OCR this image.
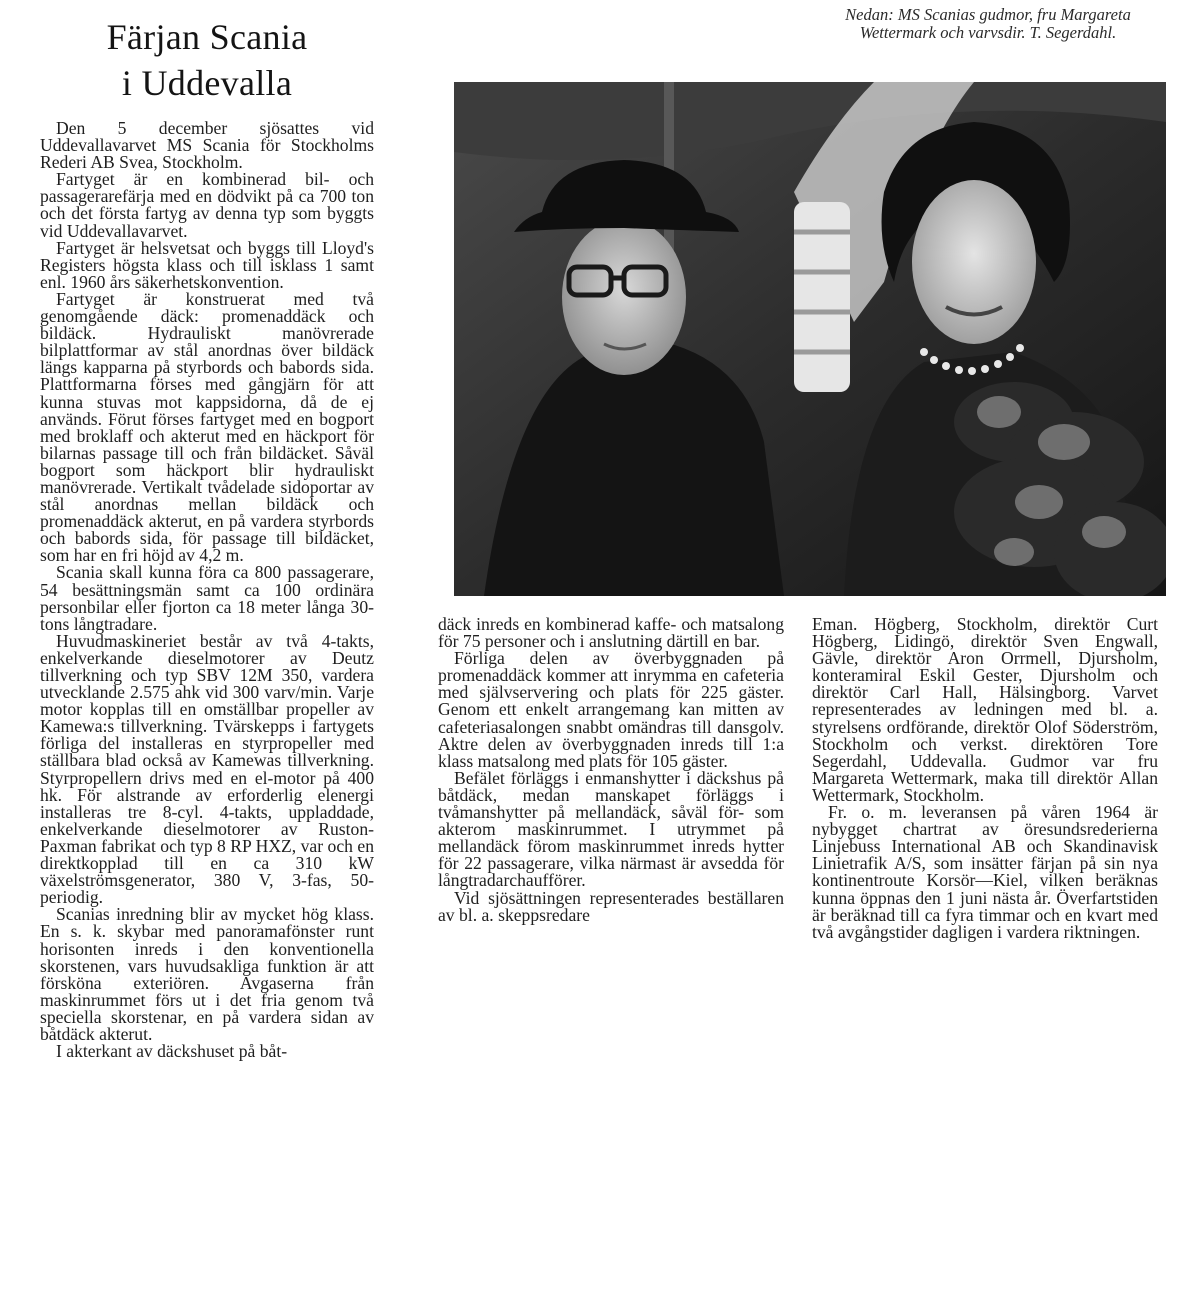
Färjan Scania
i Uddevalla

Den 5 december sjösattes vid Uddevallavarvet MS Scania för Stockholms Rederi AB Svea, Stockholm.

Fartyget är en kombinerad bil- och passagerarefärja med en dödvikt på ca 700 ton och det första fartyg av denna typ som byggts vid Uddevallavarvet.

Fartyget är helsvetsat och byggs till Lloyd's Registers högsta klass och till isklass 1 samt enl. 1960 års säkerhetskonvention.

Fartyget är konstruerat med två genomgående däck: promenaddäck och bildäck. Hydrauliskt manövrerade bilplattformar av stål anordnas över bildäck längs kapparna på styrbords och babords sida. Plattformarna förses med gångjärn för att kunna stuvas mot kappsidorna, då de ej används. Förut förses fartyget med en bogport med broklaff och akterut med en häckport för bilarnas passage till och från bildäcket. Såväl bogport som häckport blir hydrauliskt manövrerade. Vertikalt tvådelade sidoportar av stål anordnas mellan bildäck och promenaddäck akterut, en på vardera styrbords och babords sida, för passage till bildäcket, som har en fri höjd av 4,2 m.

Scania skall kunna föra ca 800 passagerare, 54 besättningsmän samt ca 100 ordinära personbilar eller fjorton ca 18 meter långa 30-tons långtradare.

Huvudmaskineriet består av två 4-takts, enkelverkande dieselmotorer av Deutz tillverkning och typ SBV 12M 350, vardera utvecklande 2.575 ahk vid 300 varv/min. Varje motor kopplas till en omställbar propeller av Kamewa:s tillverkning. Tvärskepps i fartygets förliga del installeras en styrpropeller med ställbara blad också av Kamewas tillverkning. Styrpropellern drivs med en el-motor på 400 hk. För alstrande av erforderlig elenergi installeras tre 8-cyl. 4-takts, uppladdade, enkelverkande dieselmotorer av Ruston-Paxman fabrikat och typ 8 RP HXZ, var och en direktkopplad till en ca 310 kW växelströmsgenerator, 380 V, 3-fas, 50-periodig.

Scanias inredning blir av mycket hög klass. En s. k. skybar med panoramafönster runt horisonten inreds i den konventionella skorstenen, vars huvudsakliga funktion är att försköna exteriören. Avgaserna från maskinrummet förs ut i det fria genom två speciella skorstenar, en på vardera sidan av båtdäck akterut.

I akterkant av däckshuset på båt-

Nedan: MS Scanias gudmor, fru Margareta Wettermark och varvsdir. T. Segerdahl.

däck inreds en kombinerad kaffe- och matsalong för 75 personer och i anslutning därtill en bar.

Förliga delen av överbyggnaden på promenaddäck kommer att inrymma en cafeteria med självservering och plats för 225 gäster. Genom ett enkelt arrangemang kan mitten av cafeteriasalongen snabbt omändras till dansgolv. Aktre delen av överbyggnaden inreds till 1:a klass matsalong med plats för 105 gäster.

Befälet förläggs i enmanshytter i däckshus på båtdäck, medan manskapet förläggs i tvåmanshytter på mellandäck, såväl för- som akterom maskinrummet. I utrymmet på mellandäck förom maskinrummet inreds hytter för 22 passagerare, vilka närmast är avsedda för långtradarchaufförer.

Vid sjösättningen representerades beställaren av bl. a. skeppsredare

Eman. Högberg, Stockholm, direktör Curt Högberg, Lidingö, direktör Sven Engwall, Gävle, direktör Aron Orrmell, Djursholm, konteramiral Eskil Gester, Djursholm och direktör Carl Hall, Hälsingborg. Varvet representerades av ledningen med bl. a. styrelsens ordförande, direktör Olof Söderström, Stockholm och verkst. direktören Tore Segerdahl, Uddevalla. Gudmor var fru Margareta Wettermark, maka till direktör Allan Wettermark, Stockholm.

Fr. o. m. leveransen på våren 1964 är nybygget chartrat av öresundsrederierna Linjebuss International AB och Skandinavisk Linietrafik A/S, som insätter färjan på sin nya kontinentroute Korsör—Kiel, vilken beräknas kunna öppnas den 1 juni nästa år. Överfartstiden är beräknad till ca fyra timmar och en kvart med två avgångstider dagligen i vardera riktningen.
